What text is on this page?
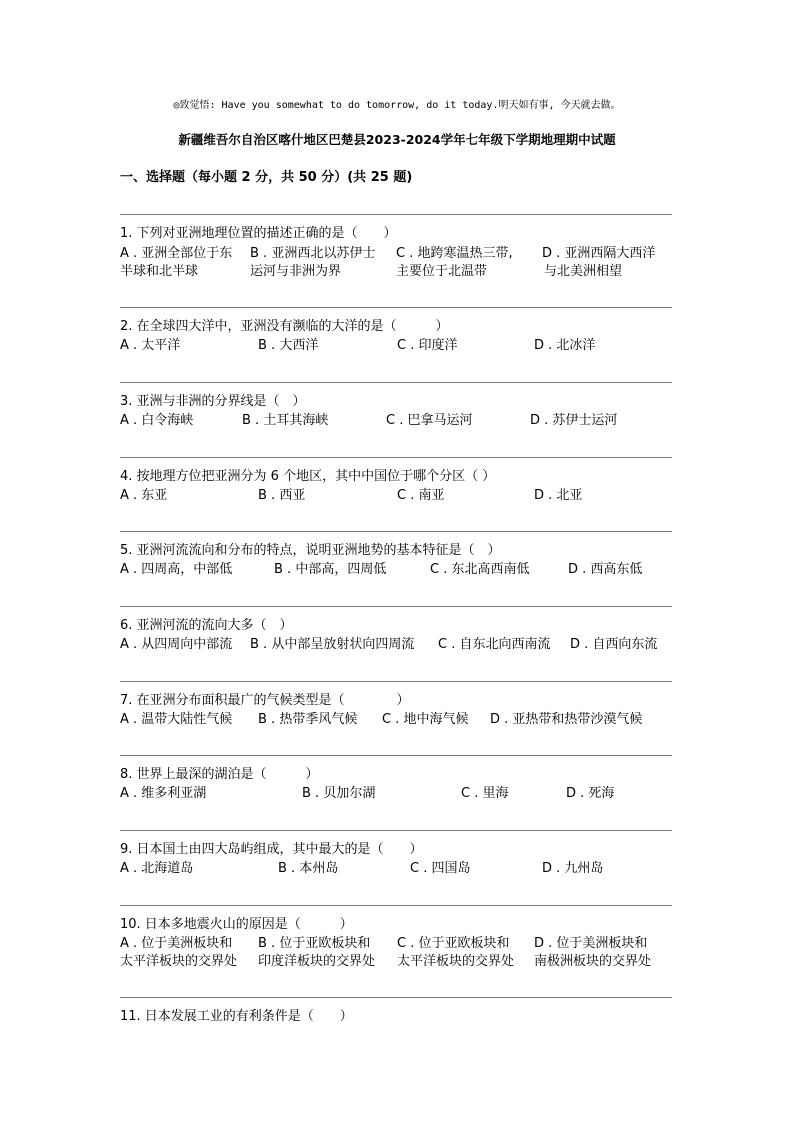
◎致觉悟: Have you somewhat to do tomorrow, do it today.明天如有事, 今天就去做。
新疆维吾尔自治区喀什地区巴楚县2023-2024学年七年级下学期地理期中试题
一、选择题（每小题 2 分，共 50 分）(共 25 题)
1. 下列对亚洲地理位置的描述正确的是（　　）
A . 亚洲全部位于东 B . 亚洲西北以苏伊士 C . 地跨寒温热三带, D . 亚洲西隔大西洋
半球和北半球	运河与非洲为界	主要位于北温带	与北美洲相望
2. 在全球四大洋中，亚洲没有濒临的大洋的是（　　　）
A . 太平洋	B . 大西洋	C . 印度洋	D . 北冰洋
3. 亚洲与非洲的分界线是（　）
A . 白令海峡	B . 土耳其海峡	C . 巴拿马运河	D . 苏伊士运河
4. 按地理方位把亚洲分为 6 个地区，其中中国位于哪个分区（ ）
A . 东亚	B . 西亚	C . 南亚	D . 北亚
5. 亚洲河流流向和分布的特点，说明亚洲地势的基本特征是（　）
A . 四周高，中部低	B . 中部高，四周低	C . 东北高西南低	D . 西高东低
6. 亚洲河流的流向大多（　）
A . 从四周向中部流 B . 从中部呈放射状向四周流 C . 自东北向西南流 D . 自西向东流
7. 在亚洲分布面积最广的气候类型是（　　　　）
A . 温带大陆性气候 B . 热带季风气候 C . 地中海气候 D . 亚热带和热带沙漠气候
8. 世界上最深的湖泊是（　　　）
A . 维多利亚湖	B . 贝加尔湖	C . 里海	D . 死海
9. 日本国土由四大岛屿组成，其中最大的是（　　）
A . 北海道岛	B . 本州岛	C . 四国岛	D . 九州岛
10. 日本多地震火山的原因是（　　　）
A . 位于美洲板块和 B . 位于亚欧板块和 C . 位于亚欧板块和 D . 位于美洲板块和
太平洋板块的交界处 印度洋板块的交界处 太平洋板块的交界处 南极洲板块的交界处
11. 日本发展工业的有利条件是（　　）
